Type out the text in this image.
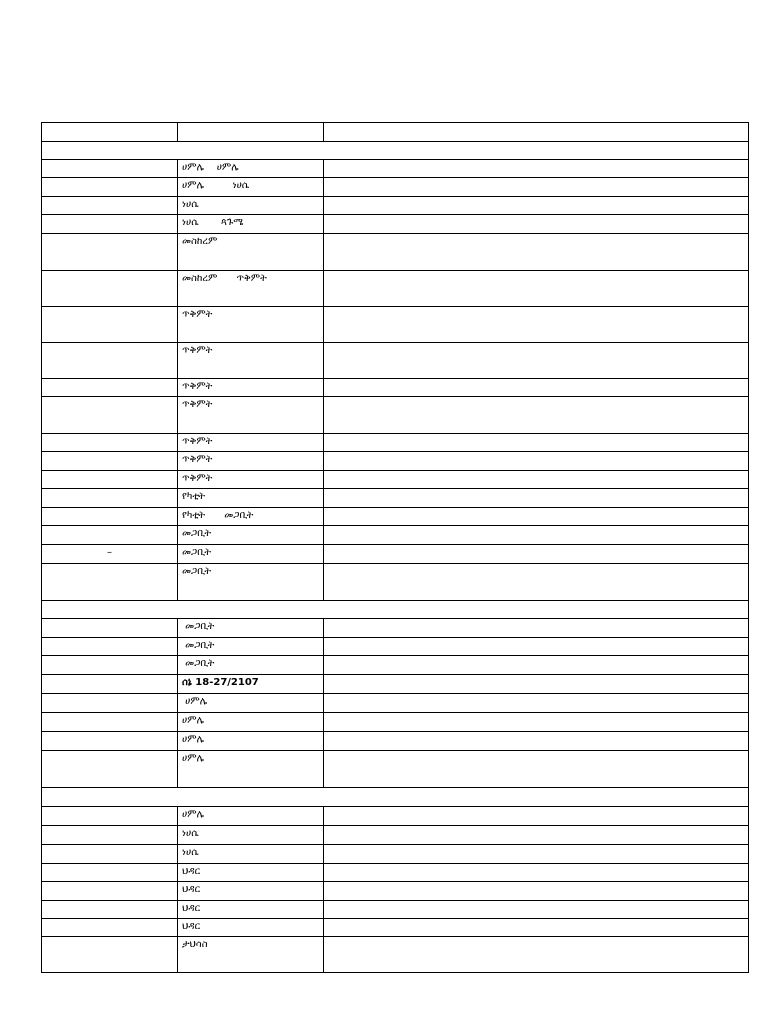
	ሀምሌ    ሀምሌ	
	ሀምሌ         ነሀሴ	
	ነሀሴ	
	ነሀሴ       ጳጉሜ	
	መስከረም	
	መስከረም      ጥቅምት	
	ጥቅምት	
	ጥቅምት	
	ጥቅምት	
	ጥቅምት	
	ጥቅምት	
	ጥቅምት	
	ጥቅምት	
	የካቲት	
	የካቲት      መጋቢት	
	መጋቢት	
–	መጋቢት	
	መጋቢት	

	መጋቢት	
	መጋቢት	
	መጋቢት	
	ሰኔ 18-27/2107	
	ሀምሌ	
	ሀምሌ	
	ሀምሌ	
	ሀምሌ	

	ሀምሌ	
	ነሀሴ	
	ነሀሴ	
	ህዳር	
	ህዳር	
	ህዳር	
	ህዳር	
	ታህሳስ	
